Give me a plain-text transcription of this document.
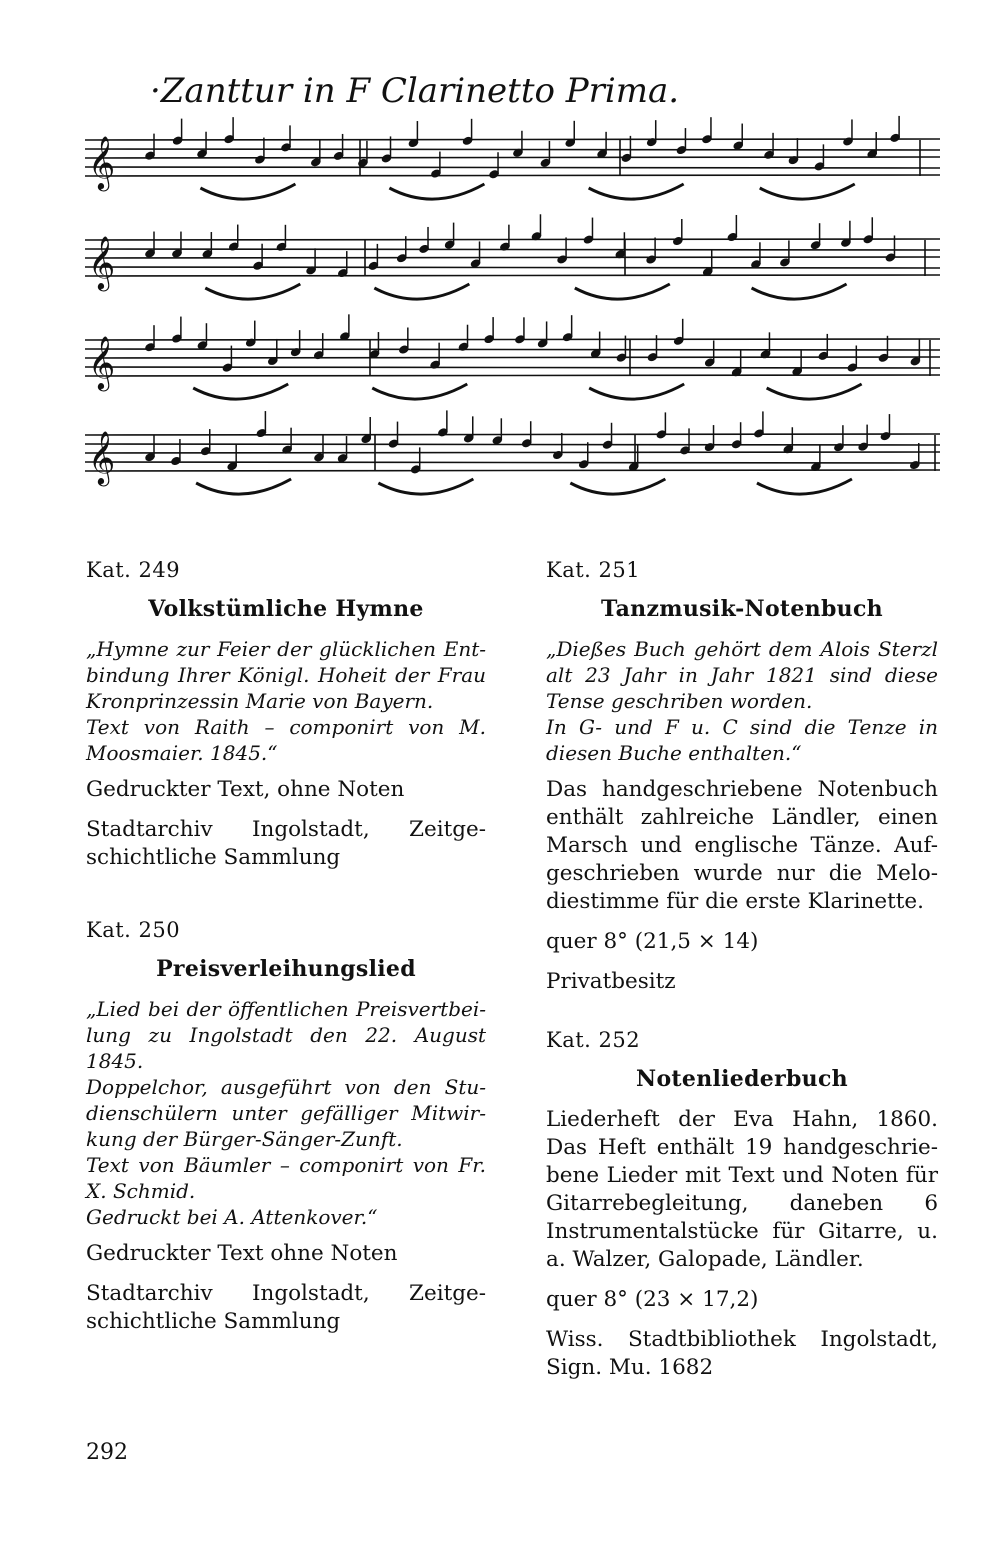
·Zanttur in F Clarinetto Prima.
𝄞
𝄞
𝄞
𝄞
Kat. 249
Volkstümliche Hymne

„Hymne zur Feier der glücklichen Ent-bindung Ihrer Königl. Hoheit der Frau Kronprinzessin Marie von Bayern.

Text von Raith – componirt von M. Moosmaier. 1845.“

Gedruckter Text, ohne Noten
Stadtarchiv Ingolstadt, Zeitge-schichtliche Sammlung
Kat. 250
Preisverleihungslied

„Lied bei der öffentlichen Preisvertbei-lung zu Ingolstadt den 22. August 1845.

Doppelchor, ausgeführt von den Stu-dienschülern unter gefälliger Mitwir-kung der Bürger-Sänger-Zunft.

Text von Bäumler – componirt von Fr. X. Schmid.

Gedruckt bei A. Attenkover.“

Gedruckter Text ohne Noten
Stadtarchiv Ingolstadt, Zeitge-schichtliche Sammlung
Kat. 251
Tanzmusik-Notenbuch

„Dießes Buch gehört dem Alois Sterzl alt 23 Jahr in Jahr 1821 sind diese Tense geschriben worden.

In G- und F u. C sind die Tenze in diesen Buche enthalten.“

Das handgeschriebene Notenbuch enthält zahlreiche Ländler, einen Marsch und englische Tänze. Auf-geschrieben wurde nur die Melo-diestimme für die erste Klarinette.
quer 8° (21,5 × 14)
Privatbesitz
Kat. 252
Notenliederbuch
Liederheft der Eva Hahn, 1860. Das Heft enthält 19 handgeschrie-bene Lieder mit Text und Noten für Gitarrebegleitung, daneben 6 Instrumentalstücke für Gitarre, u. a. Walzer, Galopade, Ländler.
quer 8° (23 × 17,2)
Wiss. Stadtbibliothek Ingolstadt, Sign. Mu. 1682
292
